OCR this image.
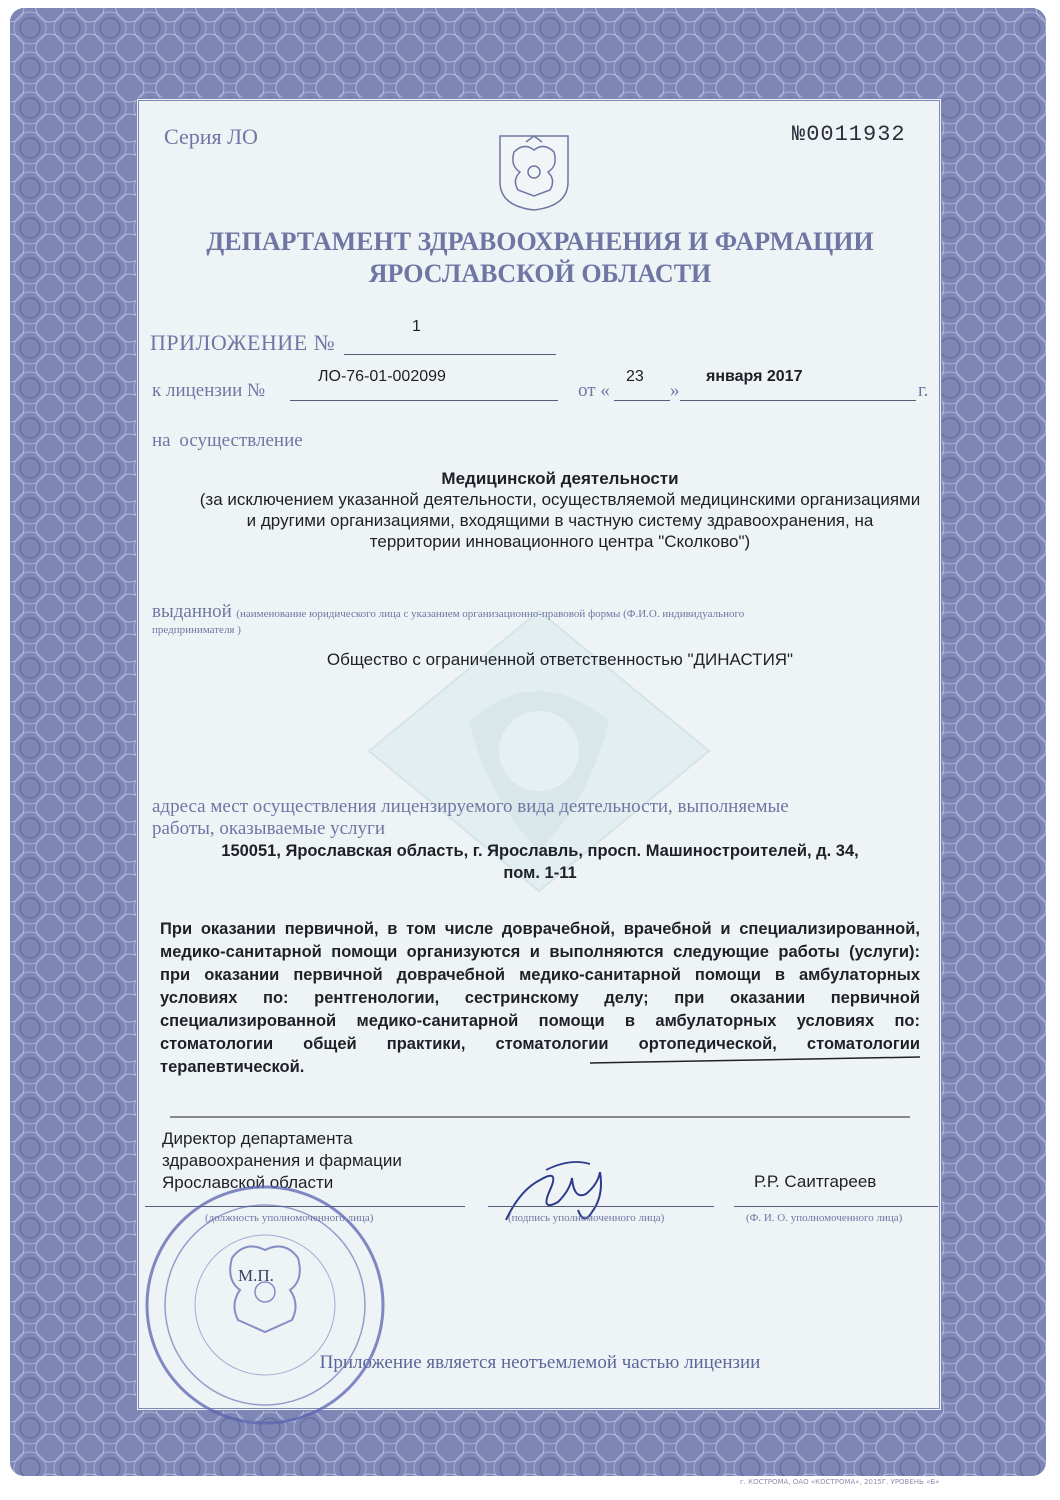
Серия ЛО	№0011932
ДЕПАРТАМЕНТ ЗДРАВООХРАНЕНИЯ И ФАРМАЦИИ
ЯРОСЛАВСКОЙ ОБЛАСТИ
ПРИЛОЖЕНИЕ №
1
к лицензии №
ЛО-76-01-002099
от «
23
»
января 2017
г.
на осуществление
Медицинской деятельности
(за исключением указанной деятельности, осуществляемой медицинскими организациями
и другими организациями, входящими в частную систему здравоохранения, на
территории инновационного центра "Сколково")
выданной (наименование юридического лица с указанием организационно-правовой формы (Ф.И.О. индивидуального
предпринимателя )
Общество с ограниченной ответственностью "ДИНАСТИЯ"
адреса мест осуществления лицензируемого вида деятельности, выполняемые
работы, оказываемые услуги
150051, Ярославская область, г. Ярославль, просп. Машиностроителей, д. 34,
пом. 1-11
При оказании первичной, в том числе доврачебной, врачебной и специализированной, медико-санитарной помощи организуются и выполняются следующие работы (услуги): при оказании первичной доврачебной медико-санитарной помощи в амбулаторных условиях по: рентгенологии, сестринскому делу; при оказании первичной специализированной медико-санитарной помощи в амбулаторных условиях по: стоматологии общей практики, стоматологии ортопедической, стоматологии терапевтической.
Директор департамента
здравоохранения и фармации
Ярославской области	Р.Р. Саитгареев
(должность уполномоченного лица)	(подпись уполномоченного лица)	(Ф. И. О. уполномоченного лица)
М.П.
Приложение является неотъемлемой частью лицензии
г. КОСТРОМА, ОАО «КОСТРОМА», 2015Г. УРОВЕНЬ «Б»
